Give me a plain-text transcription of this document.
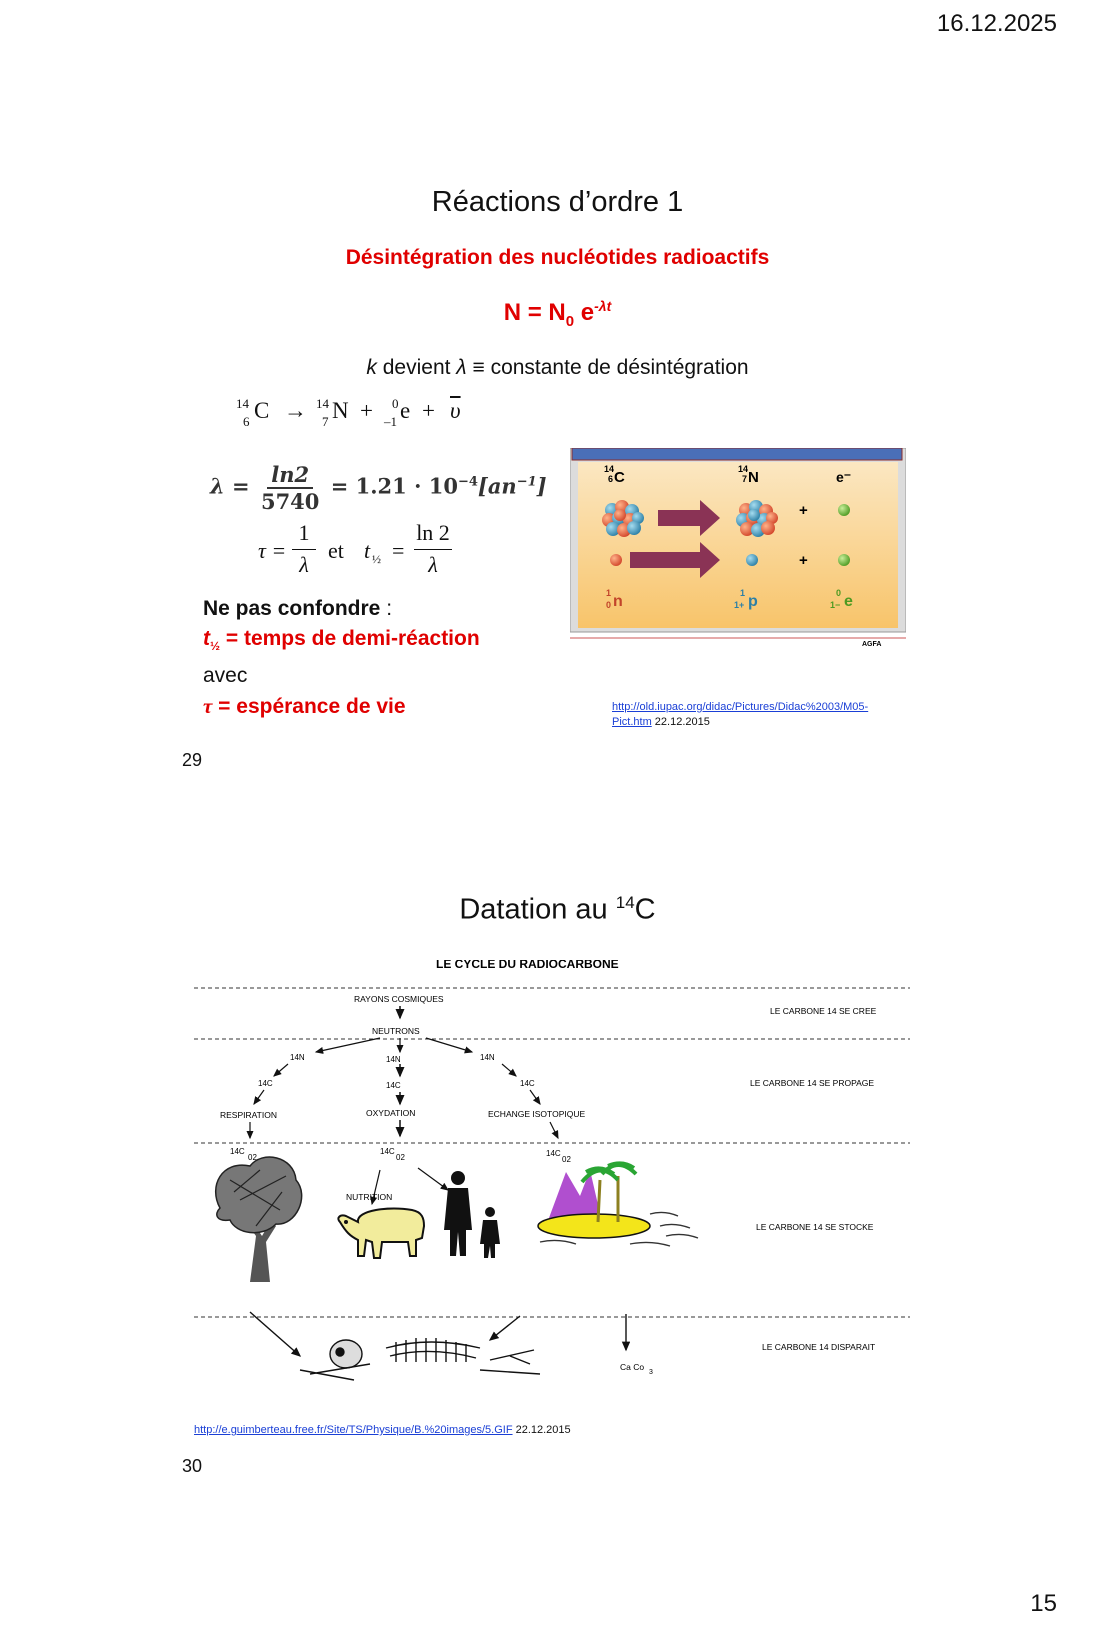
16.12.2025
15
Réactions d’ordre 1
Désintégration des nucléotides radioactifs
$N = N_0$ $e^{-\lambda t}$
k devient λ ≡ constante de désintégration
14
6 C → 14
7 N + 0
–1 $e + \overline{\upsilon}$
$\lambda = \frac{\ln 2}{5740} = 1.21 \cdot 10^{-4}[an^{-1}]$
τ =
1
λ
et t ½ =
ln 2
λ
Ne pas confondre :
$t_{\frac{1}{2}}$ = temps de demi-réaction
avec
τ = espérance de vie
+
+
14
6 C	14
7 N	e⁻
1
0 n	1
1+ p	0
1− e
AGFA
http://old.iupac.org/didac/Pictures/Didac%2003/M05-
Pict.htm 22.12.2015
29
Datation au $^{14}$C
LE CYCLE DU RADIOCARBONE
LE CARBONE 14 SE CREE
LE CARBONE 14 SE PROPAGE
LE CARBONE 14 SE STOCKE
LE CARBONE 14 DISPARAIT
RAYONS COSMIQUES
NEUTRONS
14N	14N	14N
14C	14C	14C
RESPIRATION	OXYDATION	ECHANGE ISOTOPIQUE
14C
02
14C
02	14C
02
NUTRITION
Ca Co
3
http://e.guimberteau.free.fr/Site/TS/Physique/B.%20images/5.GIF 22.12.2015
30
